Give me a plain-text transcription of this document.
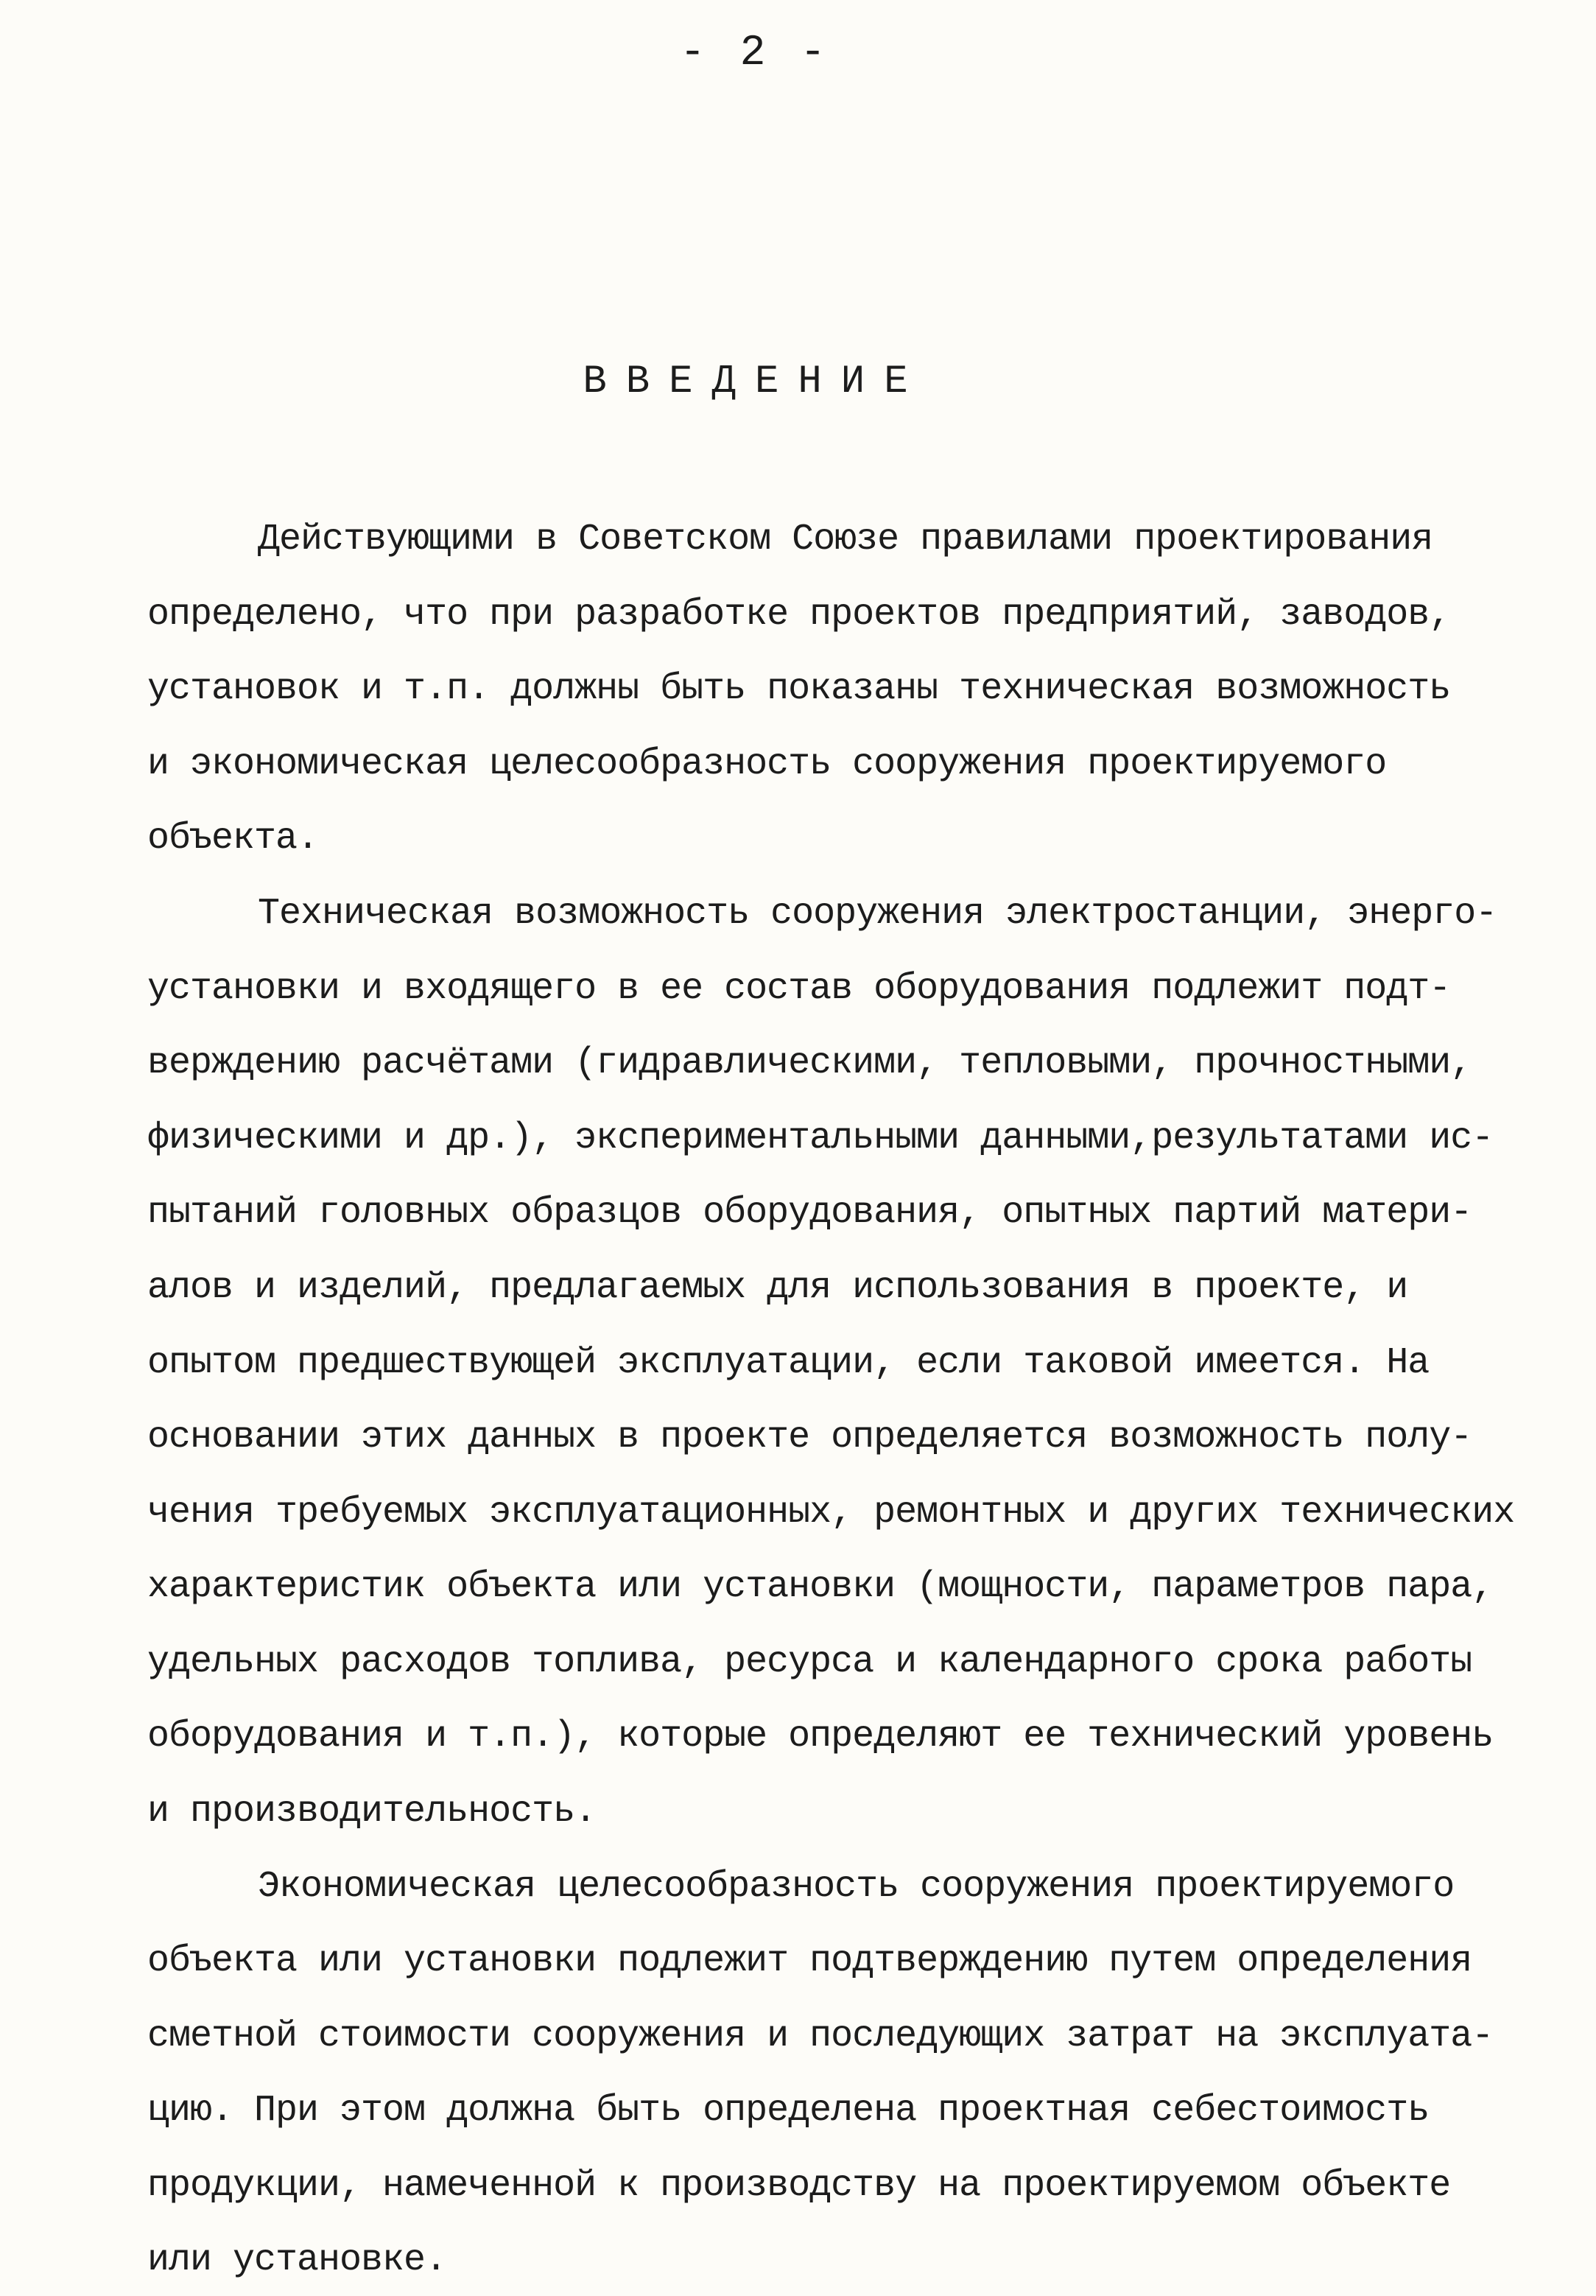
- 2 -
ВВЕДЕНИЕ
Действующими в Советском Союзе правилами проектирования
определено, что при разработке проектов предприятий, заводов,
установок и т.п. должны быть показаны техническая возможность
и экономическая целесообразность сооружения проектируемого
объекта.
Техническая возможность сооружения электростанции, энерго-
установки и входящего в ее состав оборудования подлежит подт-
верждению расчётами (гидравлическими, тепловыми, прочностными,
физическими и др.), экспериментальными данными,результатами ис-
пытаний головных образцов оборудования, опытных партий матери-
алов и изделий, предлагаемых для использования в проекте, и
опытом предшествующей эксплуатации, если таковой имеется. На
основании этих данных в проекте определяется возможность полу-
чения требуемых эксплуатационных, ремонтных и других технических
характеристик объекта или установки (мощности, параметров пара,
удельных расходов топлива, ресурса и календарного срока работы
оборудования и т.п.), которые определяют ее технический уровень
и производительность.
Экономическая целесообразность сооружения проектируемого
объекта или установки подлежит подтверждению путем определения
сметной стоимости сооружения и последующих затрат на эксплуата-
цию. При этом должна быть определена проектная себестоимость
продукции, намеченной к производству на проектируемом объекте
или установке.
